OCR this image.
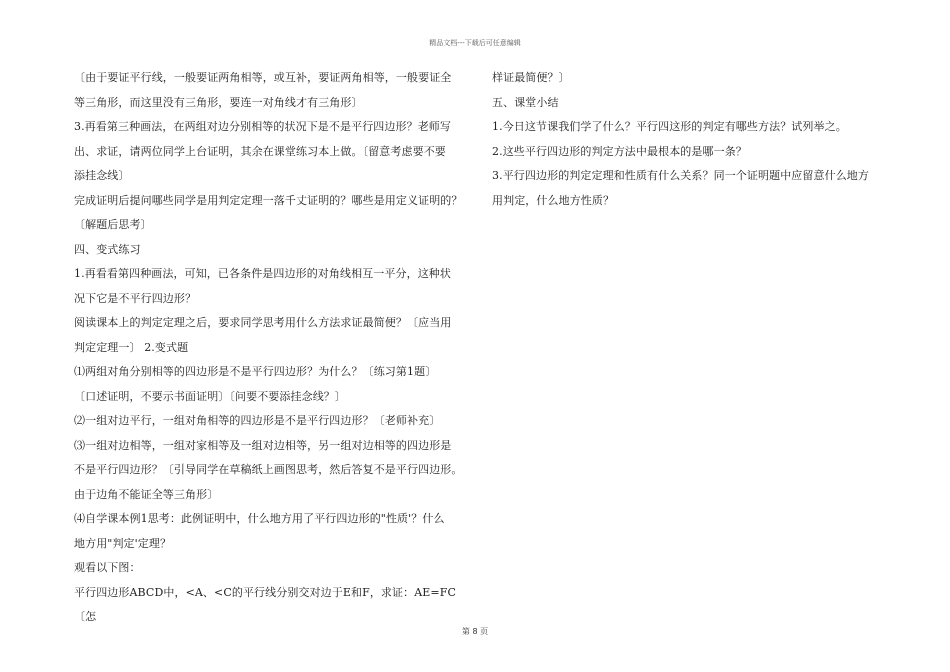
精品文档---下载后可任意编辑

〔由于要证平行线，一般要证两角相等，或互补，要证两角相等，一般要证全

等三角形，而这里没有三角形，要连一对角线才有三角形〕

3.再看第三种画法，在两组对边分别相等的状况下是不是平行四边形？老师写

出、求证，请两位同学上台证明，其余在课堂练习本上做。〔留意考虑要不要

添挂念线〕

完成证明后提问哪些同学是用判定定理一落千丈证明的？哪些是用定义证明的？

〔解题后思考〕

四、变式练习

1.再看看第四种画法，可知，已各条件是四边形的对角线相互一平分，这种状

况下它是不平行四边形？

阅读课本上的判定定理之后，要求同学思考用什么方法求证最简便？〔应当用

判定定理一〕 2.变式题

⑴两组对角分别相等的四边形是不是平行四边形？为什么？〔练习第1题〕

〔口述证明，不要示书面证明〕〔问要不要添挂念线？〕

⑵一组对边平行，一组对角相等的四边形是不是平行四边形？〔老师补充〕

⑶一组对边相等，一组对家相等及一组对边相等，另一组对边相等的四边形是

不是平行四边形？〔引导同学在草稿纸上画图思考，然后答复不是平行四边形。

由于边角不能证全等三角形〕

⑷自学课本例1思考：此例证明中，什么地方用了平行四边形的"性质'？什么

地方用"判定'定理？

观看以下图：

平行四边形ABCD中，<A、<C的平行线分别交对边于E和F，求证：AE=FC〔怎

样证最简便？〕

五、课堂小结

1.今日这节课我们学了什么？平行四这形的判定有哪些方法？试列举之。

2.这些平行四边形的判定方法中最根本的是哪一条？

3.平行四边形的判定定理和性质有什么关系？同一个证明题中应留意什么地方

用判定，什么地方性质？

第 8 页
